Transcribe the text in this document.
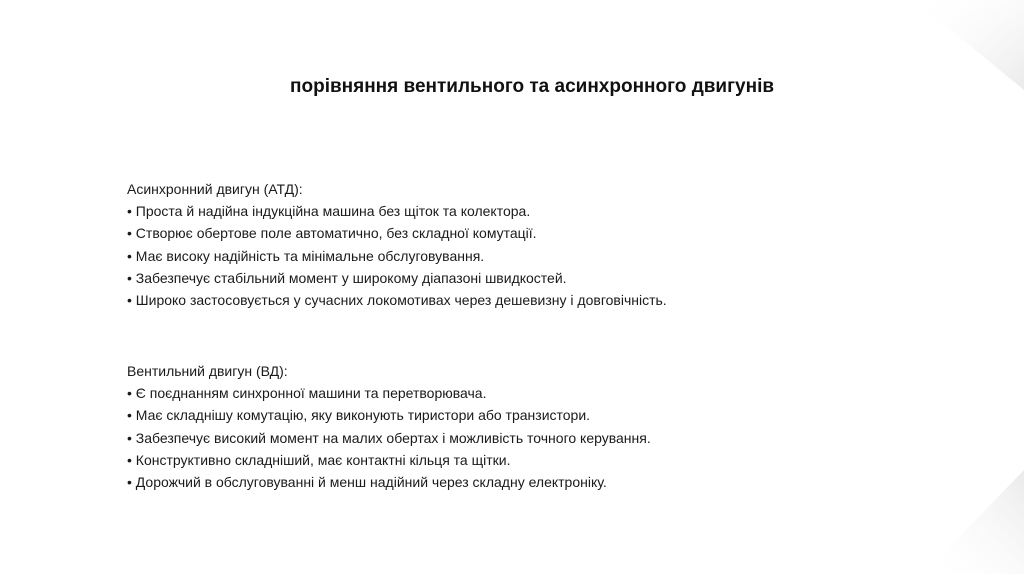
порівняння вентильного та асинхронного двигунів
Асинхронний двигун (АТД):
• Проста й надійна індукційна машина без щіток та колектора.
• Створює обертове поле автоматично, без складної комутації.
• Має високу надійність та мінімальне обслуговування.
• Забезпечує стабільний момент у широкому діапазоні швидкостей.
• Широко застосовується у сучасних локомотивах через дешевизну і довговічність.
Вентильний двигун (ВД):
• Є поєднанням синхронної машини та перетворювача.
• Має складнішу комутацію, яку виконують тиристори або транзистори.
• Забезпечує високий момент на малих обертах і можливість точного керування.
• Конструктивно складніший, має контактні кільця та щітки.
• Дорожчий в обслуговуванні й менш надійний через складну електроніку.
